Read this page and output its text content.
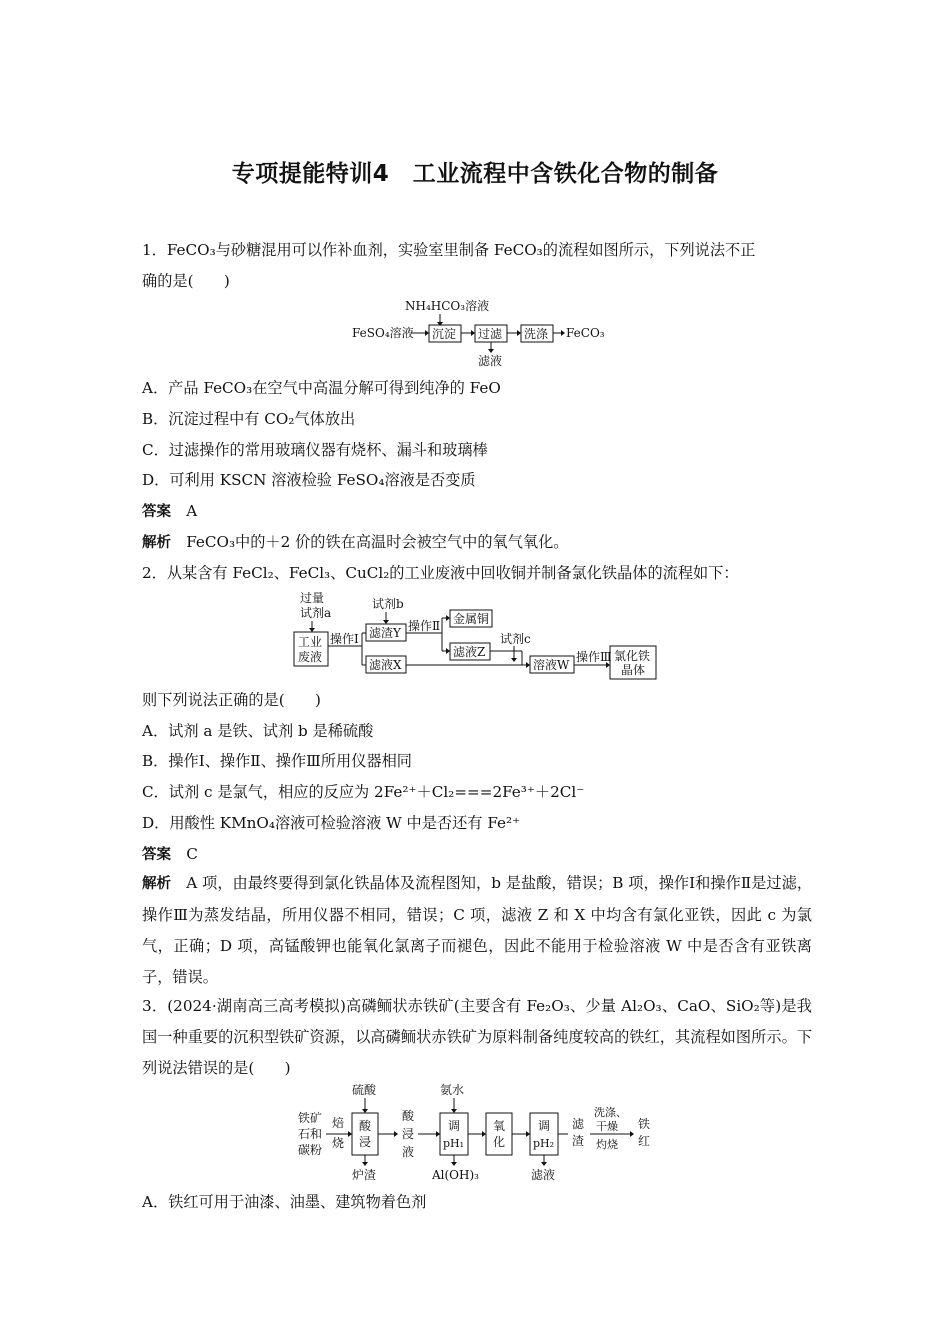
专项提能特训4　工业流程中含铁化合物的制备
1．FeCO₃与砂糖混用可以作补血剂，实验室里制备 FeCO₃的流程如图所示，下列说法不正
确的是(　　)
NH₄HCO₃溶液
FeSO₄溶液 沉淀 过滤
滤液
洗涤 FeCO₃
A．产品 FeCO₃在空气中高温分解可得到纯净的 FeO
B．沉淀过程中有 CO₂气体放出
C．过滤操作的常用玻璃仪器有烧杯、漏斗和玻璃棒
D．可利用 KSCN 溶液检验 FeSO₄溶液是否变质
答案　 A
解析　 FeCO₃中的＋2 价的铁在高温时会被空气中的氧气氧化。
2．从某含有 FeCl₂、FeCl₃、CuCl₂的工业废液中回收铜并制备氯化铁晶体的流程如下：
过量
试剂a
工业
废液
操作Ⅰ
试剂b
滤渣Y
滤液X
操作Ⅱ 金属铜
滤液Z
试剂c
溶液W
操作Ⅲ 氯化铁
晶体
则下列说法正确的是(　　)
A．试剂 a 是铁、试剂 b 是稀硫酸
B．操作Ⅰ、操作Ⅱ、操作Ⅲ所用仪器相同
C．试剂 c 是氯气，相应的反应为 2Fe²⁺＋Cl₂===2Fe³⁺＋2Cl⁻
D．用酸性 KMnO₄溶液可检验溶液 W 中是否还有 Fe²⁺
答案　 C
解析　 A 项，由最终要得到氯化铁晶体及流程图知，b 是盐酸，错误；B 项，操作Ⅰ和操作Ⅱ是过滤，操作Ⅲ为蒸发结晶，所用仪器不相同，错误；C 项，滤液 Z 和 X 中均含有氯化亚铁，因此 c 为氯气，正确；D 项，高锰酸钾也能氧化氯离子而褪色，因此不能用于检验溶液 W 中是否含有亚铁离子，错误。
3．(2024·湖南高三高考模拟)高磷鲕状赤铁矿(主要含有 Fe₂O₃、少量 Al₂O₃、CaO、SiO₂等)是我国一种重要的沉积型铁矿资源，以高磷鲕状赤铁矿为原料制备纯度较高的铁红，其流程如图所示。下列说法错误的是(　　)
铁矿
石和
碳粉
焙
烧
硫酸
酸
浸
炉渣
酸
浸
液
氨水
调
pH₁
Al(OH)₃
氧
化
调
pH₂
滤液
滤
渣
洗涤、
干燥
灼烧
铁
红
A．铁红可用于油漆、油墨、建筑物着色剂
